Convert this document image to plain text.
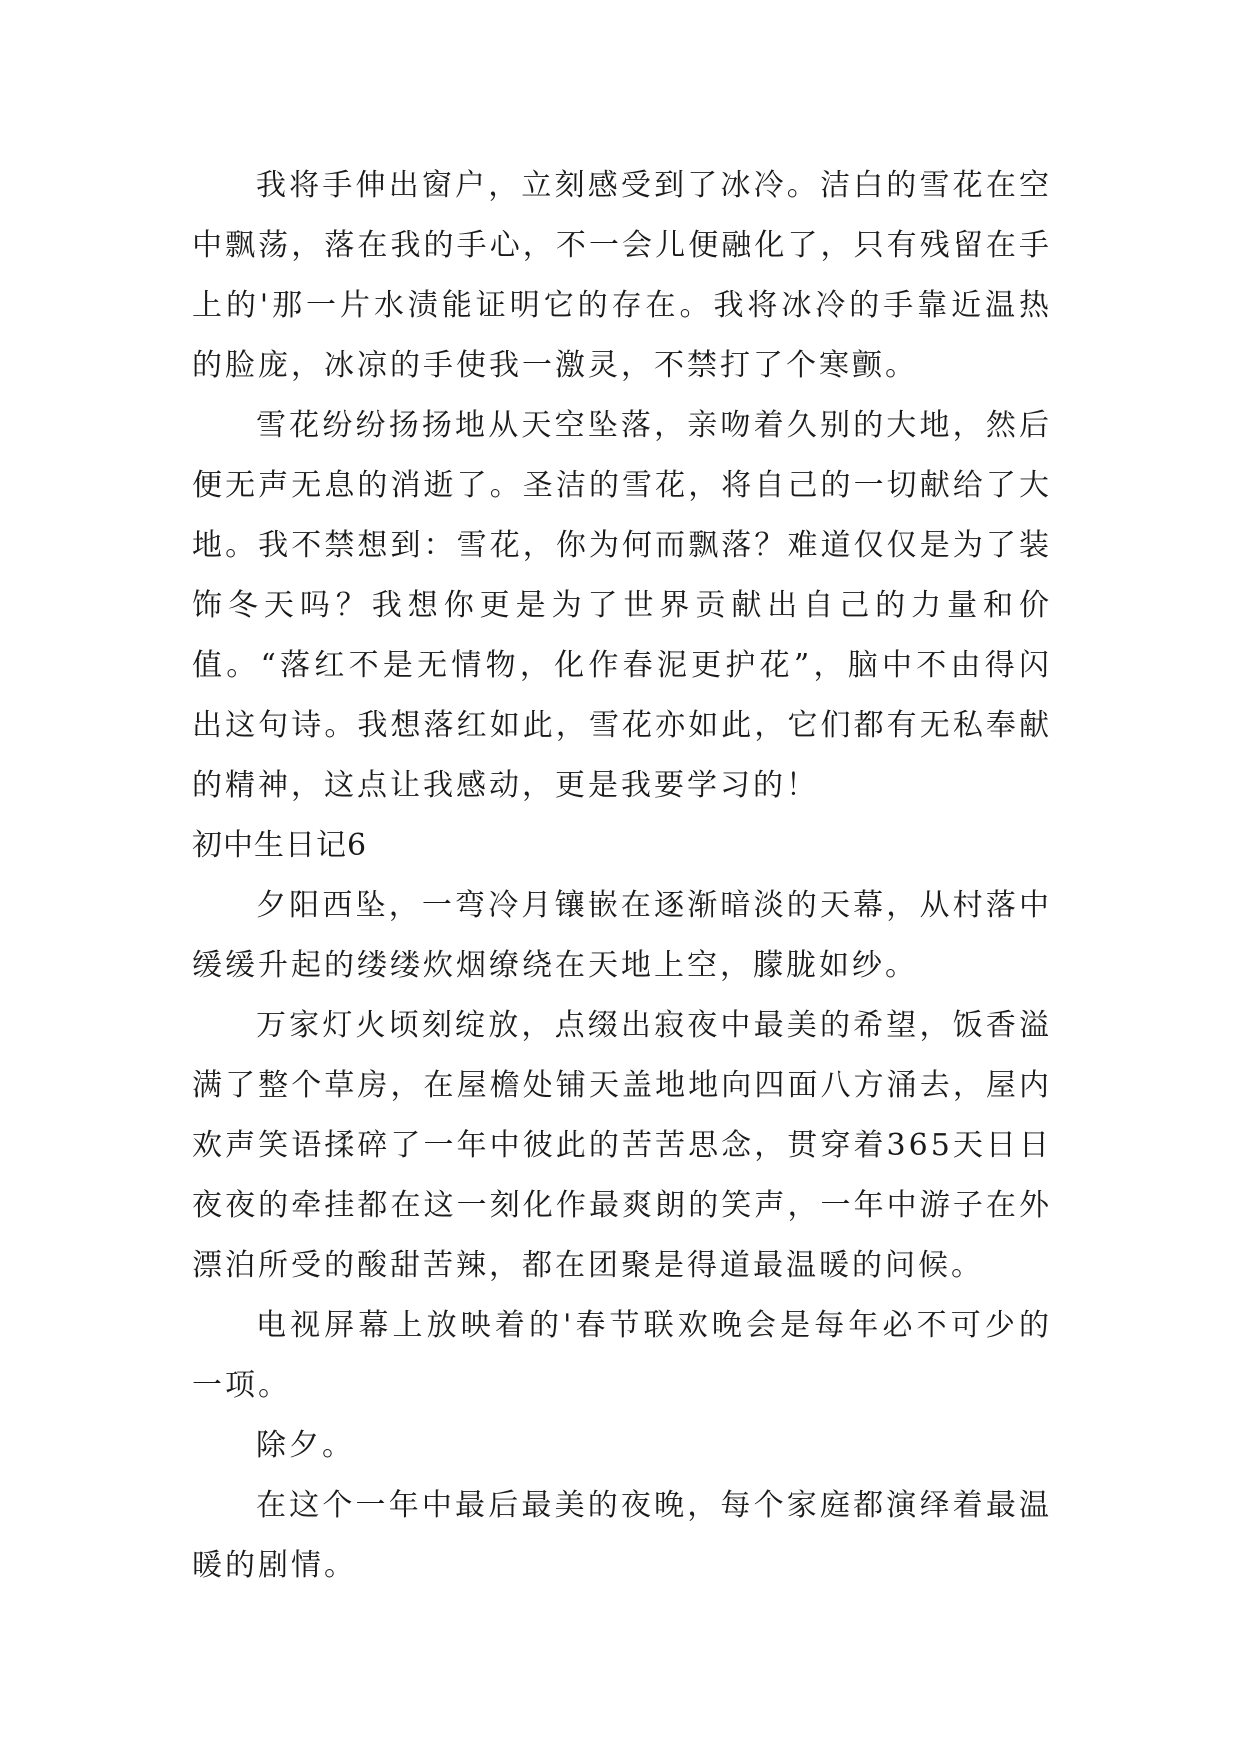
我将手伸出窗户，立刻感受到了冰冷。洁白的雪花在空中飘荡，落在我的手心，不一会儿便融化了，只有残留在手上的'那一片水渍能证明它的存在。我将冰冷的手靠近温热的脸庞，冰凉的手使我一激灵，不禁打了个寒颤。

雪花纷纷扬扬地从天空坠落，亲吻着久别的大地，然后便无声无息的消逝了。圣洁的雪花，将自己的一切献给了大地。我不禁想到：雪花，你为何而飘落？难道仅仅是为了装饰冬天吗？我想你更是为了世界贡献出自己的力量和价值。“落红不是无情物，化作春泥更护花”，脑中不由得闪出这句诗。我想落红如此，雪花亦如此，它们都有无私奉献的精神，这点让我感动，更是我要学习的！

初中生日记6

夕阳西坠，一弯冷月镶嵌在逐渐暗淡的天幕，从村落中缓缓升起的缕缕炊烟缭绕在天地上空，朦胧如纱。

万家灯火顷刻绽放，点缀出寂夜中最美的希望，饭香溢满了整个草房，在屋檐处铺天盖地地向四面八方涌去，屋内欢声笑语揉碎了一年中彼此的苦苦思念，贯穿着365天日日夜夜的牵挂都在这一刻化作最爽朗的笑声，一年中游子在外漂泊所受的酸甜苦辣，都在团聚是得道最温暖的问候。

电视屏幕上放映着的'春节联欢晚会是每年必不可少的一项。

除夕。

在这个一年中最后最美的夜晚，每个家庭都演绎着最温暖的剧情。
